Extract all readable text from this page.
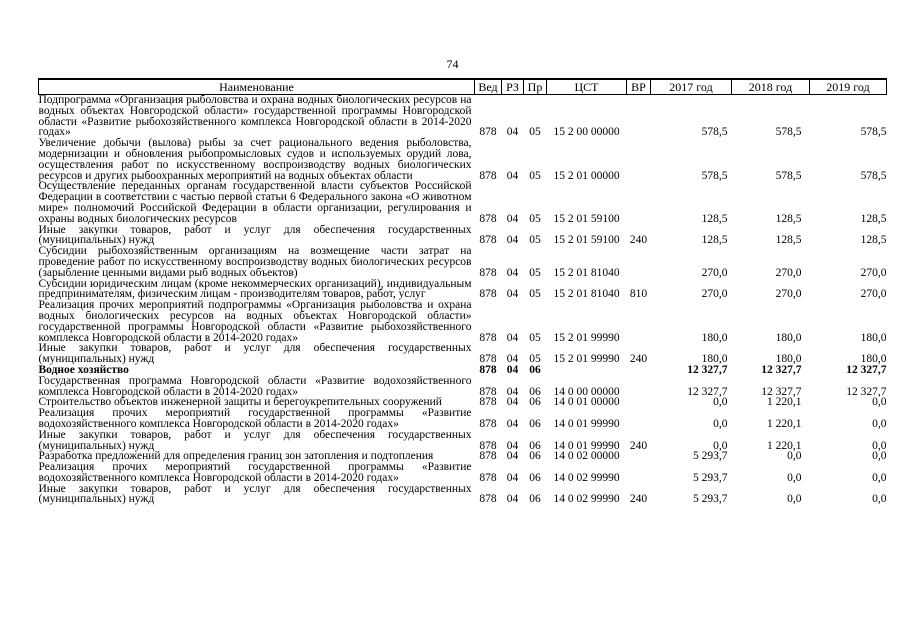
74
Наименование	Вед	РЗ	Пр	ЦСТ	ВР	2017 год	2018 год	2019 год
Подпрограмма «Организация рыболовства и охрана водных биологических ресурсов на водных объектах Новгородской области» государственной программы Новгородской области «Развитие рыбохозяйственного комплекса Новгородской области в 2014-2020 годах»	878	04	05	15 2 00 00000		578,5	578,5	578,5
Увеличение добычи (вылова) рыбы за счет рационального ведения рыболовства, модернизации и обновления рыбопромысловых судов и используемых орудий лова, осуществления работ по искусственному воспроизводству водных биологических ресурсов и других рыбоохранных мероприятий на водных объектах области	878	04	05	15 2 01 00000		578,5	578,5	578,5
Осуществление переданных органам государственной власти субъектов Российской Федерации в соответствии с частью первой статьи 6 Федерального закона «О животном мире» полномочий Российской Федерации в области организации, регулирования и охраны водных биологических ресурсов	878	04	05	15 2 01 59100		128,5	128,5	128,5
Иные закупки товаров, работ и услуг для обеспечения государственных (муниципальных) нужд	878	04	05	15 2 01 59100	240	128,5	128,5	128,5
Субсидии рыбохозяйственным организациям на возмещение части затрат на проведение работ по искусственному воспроизводству водных биологических ресурсов (зарыбление ценными видами рыб водных объектов)	878	04	05	15 2 01 81040		270,0	270,0	270,0
Субсидии юридическим лицам (кроме некоммерческих организаций), индивидуальным предпринимателям, физическим лицам - производителям товаров, работ, услуг	878	04	05	15 2 01 81040	810	270,0	270,0	270,0
Реализация прочих мероприятий подпрограммы «Организация рыболовства и охрана водных биологических ресурсов на водных объектах Новгородской области» государственной программы Новгородской области «Развитие рыбохозяйственного комплекса Новгородской области в 2014-2020 годах»	878	04	05	15 2 01 99990		180,0	180,0	180,0
Иные закупки товаров, работ и услуг для обеспечения государственных (муниципальных) нужд	878	04	05	15 2 01 99990	240	180,0	180,0	180,0
Водное хозяйство	878	04	06			12 327,7	12 327,7	12 327,7
Государственная программа Новгородской области «Развитие водохозяйственного комплекса Новгородской области в 2014-2020 годах»	878	04	06	14 0 00 00000		12 327,7	12 327,7	12 327,7
Строительство объектов инженерной защиты и берегоукрепительных сооружений	878	04	06	14 0 01 00000		0,0	1 220,1	0,0
Реализация прочих мероприятий государственной программы «Развитие водохозяйственного комплекса Новгородской области в 2014-2020 годах»	878	04	06	14 0 01 99990		0,0	1 220,1	0,0
Иные закупки товаров, работ и услуг для обеспечения государственных (муниципальных) нужд	878	04	06	14 0 01 99990	240	0,0	1 220,1	0,0
Разработка предложений для определения границ зон затопления и подтопления	878	04	06	14 0 02 00000		5 293,7	0,0	0,0
Реализация прочих мероприятий государственной программы «Развитие водохозяйственного комплекса Новгородской области в 2014-2020 годах»	878	04	06	14 0 02 99990		5 293,7	0,0	0,0
Иные закупки товаров, работ и услуг для обеспечения государственных (муниципальных) нужд	878	04	06	14 0 02 99990	240	5 293,7	0,0	0,0
